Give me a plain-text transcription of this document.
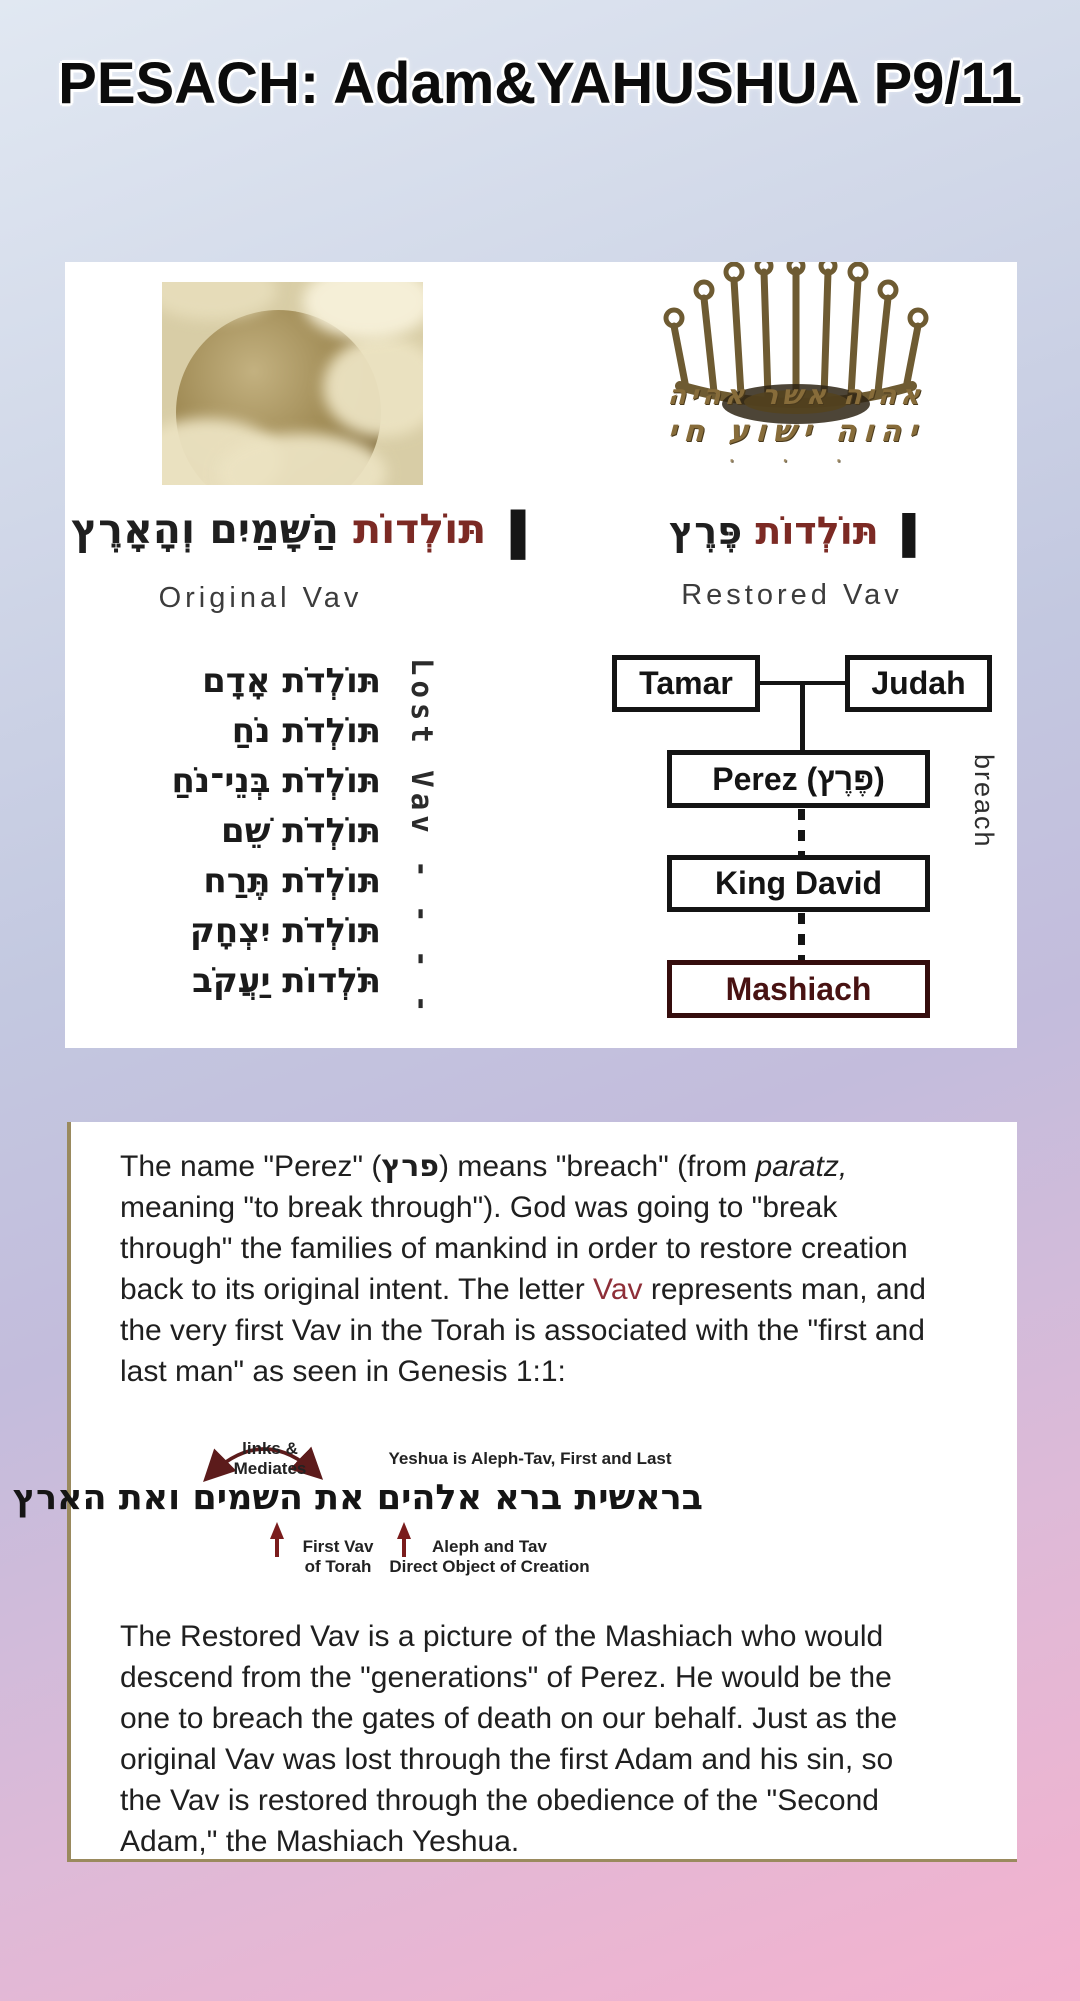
PESACH: Adam&YAHUSHUA P9/11
אהיה אשר אהיה
יהוה ישוע חי
· · ·
תּוֹלְדוֹת הַשָּׁמַיִם וְהָאָרֶץ	ו
Original Vav
תּוֹלְדוֹת פֶּרֶץ	ו
Restored Vav
תּוֹלְדֹת אָדָם
תּוֹלְדֹת נֹחַ
תּוֹלְדֹת בְּנֵי־נֹחַ
תּוֹלְדֹת שֵׁם
תּוֹלְדֹת תֶּרַח
תּוֹלְדֹת יִצְחָק
תֹּלְדוֹת יַעֲקֹב Lost Vav - - - -	Tamar	Judah
Perez (פֶּרֶץ)
King David
Mashiach
breach

The name "Perez" (פרץ) means "breach" (from paratz, meaning "to break through"). God was going to "break through" the families of mankind in order to restore creation back to its original intent. The letter Vav represents man, and the very first Vav in the Torah is associated with the "first and last man" as seen in Genesis 1:1:

links &
Mediates
Yeshua is Aleph-Tav, First and Last
בראשית ברא אלהים את השמים ואת הארץ
First Vav
of Torah
Aleph and Tav
Direct Object of Creation

The Restored Vav is a picture of the Mashiach who would descend from the "generations" of Perez. He would be the one to breach the gates of death on our behalf. Just as the original Vav was lost through the first Adam and his sin, so the Vav is restored through the obedience of the "Second Adam," the Mashiach Yeshua.
